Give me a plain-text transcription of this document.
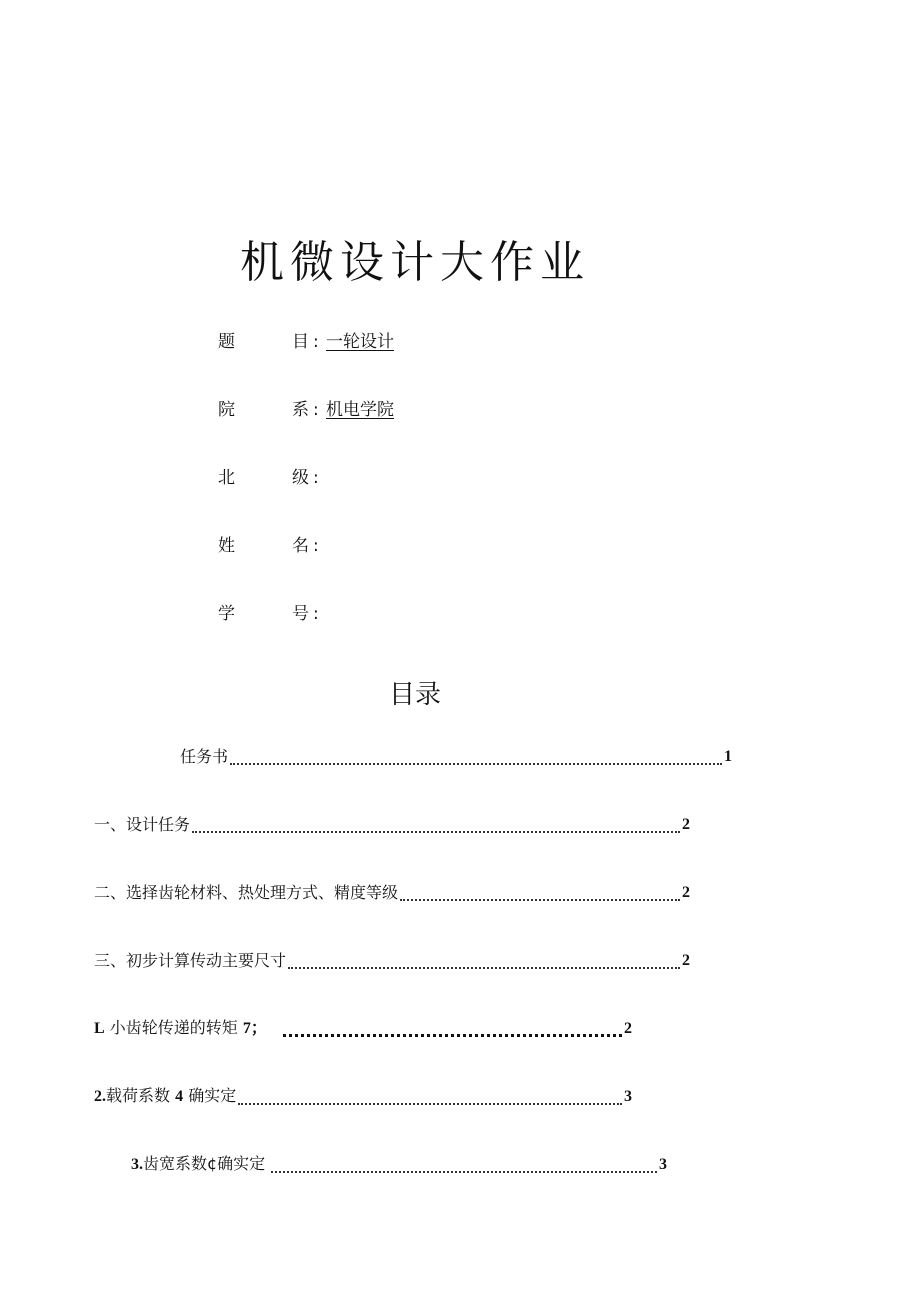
机微设计大作业
题	目 : 一轮设计
院	系 : 机电学院
北	级 :
姓	名 :
学	号 :
目录
任务书	1
一、设计任务	2
二、选择齿轮材料、热处理方式、精度等级	2
三、初步计算传动主要尺寸	2
L 小齿轮传递的转矩 7；	2
2.载荷系数 4 确实定	3
3.齿宽系数¢确实定	3
